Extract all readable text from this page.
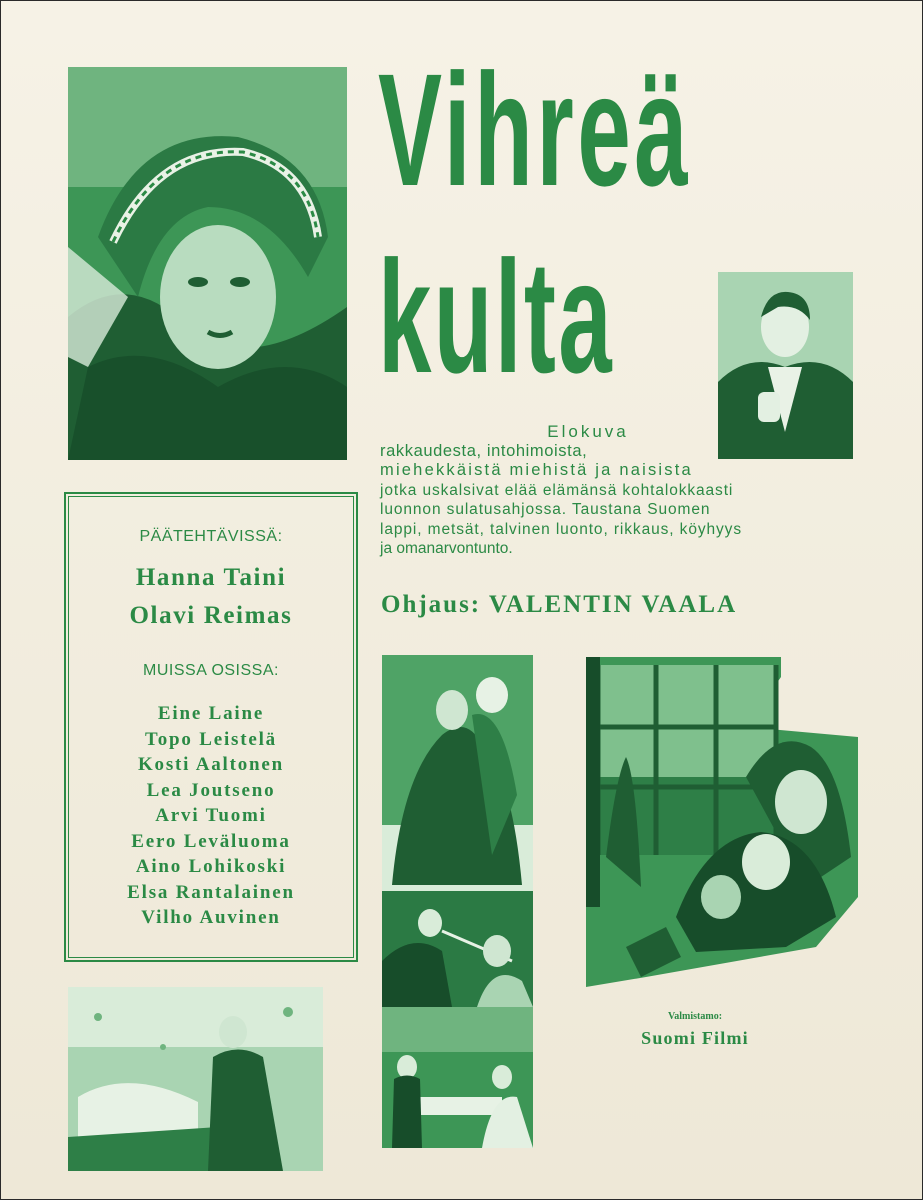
Vihreä
kulta
Elokuva
rakkaudesta, intohimoista,
miehekkäistä miehistä ja naisista
jotka uskalsivat elää elämänsä kohtalokkaasti
luonnon sulatusahjossa. Taustana Suomen
lappi, metsät, talvinen luonto, rikkaus, köyhyys
ja omanarvontunto.
Ohjaus: VALENTIN VAALA
PÄÄTEHTÄVISSÄ:
Hanna Taini
Olavi Reimas
MUISSA OSISSA:
Eine Laine
Topo Leistelä
Kosti Aaltonen
Lea Joutseno
Arvi Tuomi
Eero Leväluoma
Aino Lohikoski
Elsa Rantalainen
Vilho Auvinen
Valmistamo:
Suomi Filmi
